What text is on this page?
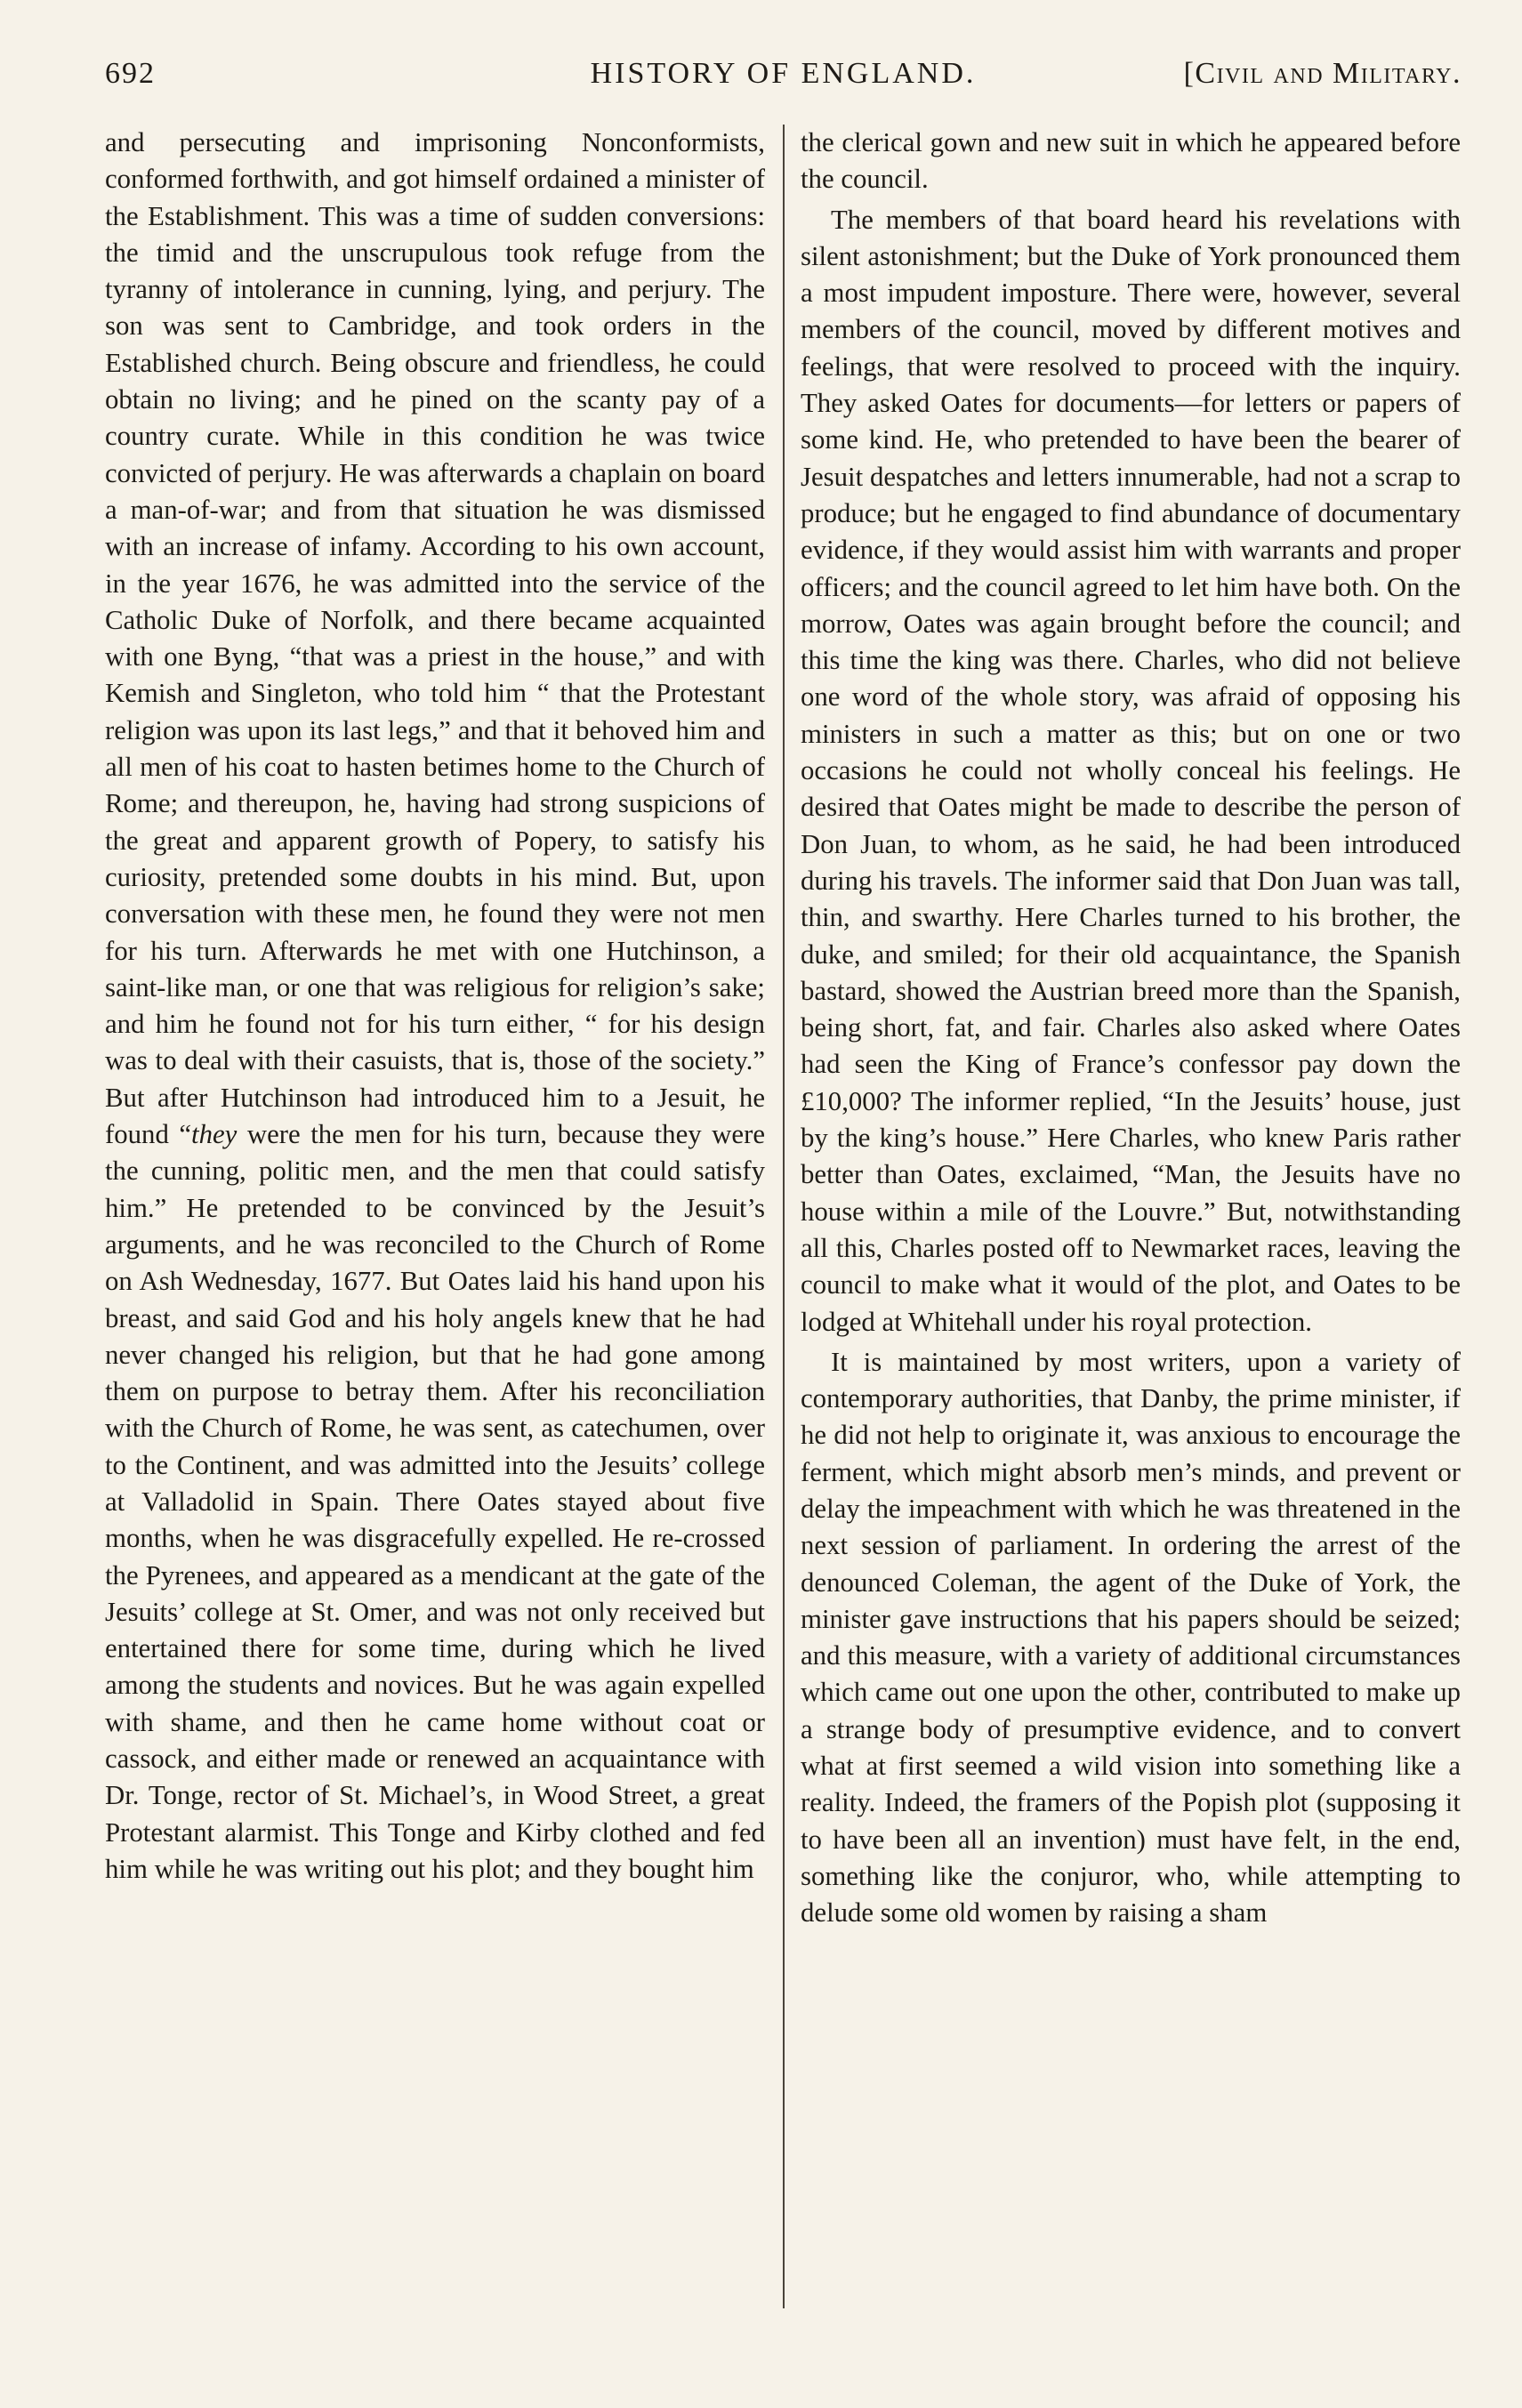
692	HISTORY OF ENGLAND.	[Civil and Military.

and persecuting and imprisoning Nonconformists, conformed forthwith, and got himself ordained a minister of the Establishment. This was a time of sudden conversions: the timid and the unscrupulous took refuge from the tyranny of intolerance in cunning, lying, and perjury. The son was sent to Cambridge, and took orders in the Established church. Being obscure and friendless, he could obtain no living; and he pined on the scanty pay of a country curate. While in this condition he was twice convicted of perjury. He was afterwards a chaplain on board a man-of-war; and from that situation he was dismissed with an increase of infamy. According to his own account, in the year 1676, he was admitted into the service of the Catholic Duke of Norfolk, and there became acquainted with one Byng, “that was a priest in the house,” and with Kemish and Singleton, who told him “ that the Protestant religion was upon its last legs,” and that it behoved him and all men of his coat to hasten betimes home to the Church of Rome; and thereupon, he, having had strong suspicions of the great and apparent growth of Popery, to satisfy his curiosity, pretended some doubts in his mind. But, upon conversation with these men, he found they were not men for his turn. Afterwards he met with one Hutchinson, a saint-like man, or one that was religious for religion’s sake; and him he found not for his turn either, “ for his design was to deal with their casuists, that is, those of the society.” But after Hutchinson had introduced him to a Jesuit, he found “they were the men for his turn, because they were the cunning, politic men, and the men that could satisfy him.” He pretended to be convinced by the Jesuit’s arguments, and he was reconciled to the Church of Rome on Ash Wednesday, 1677. But Oates laid his hand upon his breast, and said God and his holy angels knew that he had never changed his religion, but that he had gone among them on purpose to betray them. After his reconciliation with the Church of Rome, he was sent, as catechumen, over to the Continent, and was admitted into the Jesuits’ college at Valladolid in Spain. There Oates stayed about five months, when he was disgracefully expelled. He re-crossed the Pyrenees, and appeared as a mendicant at the gate of the Jesuits’ college at St. Omer, and was not only received but entertained there for some time, during which he lived among the students and novices. But he was again expelled with shame, and then he came home without coat or cassock, and either made or renewed an acquaintance with Dr. Tonge, rector of St. Michael’s, in Wood Street, a great Protestant alarmist. This Tonge and Kirby clothed and fed him while he was writing out his plot; and they bought him

the clerical gown and new suit in which he appeared before the council.

The members of that board heard his revelations with silent astonishment; but the Duke of York pronounced them a most impudent imposture. There were, however, several members of the council, moved by different motives and feelings, that were resolved to proceed with the inquiry. They asked Oates for documents—for letters or papers of some kind. He, who pretended to have been the bearer of Jesuit despatches and letters innumerable, had not a scrap to produce; but he engaged to find abundance of documentary evidence, if they would assist him with warrants and proper officers; and the council agreed to let him have both. On the morrow, Oates was again brought before the council; and this time the king was there. Charles, who did not believe one word of the whole story, was afraid of opposing his ministers in such a matter as this; but on one or two occasions he could not wholly conceal his feelings. He desired that Oates might be made to describe the person of Don Juan, to whom, as he said, he had been introduced during his travels. The informer said that Don Juan was tall, thin, and swarthy. Here Charles turned to his brother, the duke, and smiled; for their old acquaintance, the Spanish bastard, showed the Austrian breed more than the Spanish, being short, fat, and fair. Charles also asked where Oates had seen the King of France’s confessor pay down the £10,000? The informer replied, “In the Jesuits’ house, just by the king’s house.” Here Charles, who knew Paris rather better than Oates, exclaimed, “Man, the Jesuits have no house within a mile of the Louvre.” But, notwithstanding all this, Charles posted off to Newmarket races, leaving the council to make what it would of the plot, and Oates to be lodged at Whitehall under his royal protection.

It is maintained by most writers, upon a variety of contemporary authorities, that Danby, the prime minister, if he did not help to originate it, was anxious to encourage the ferment, which might absorb men’s minds, and prevent or delay the impeachment with which he was threatened in the next session of parliament. In ordering the arrest of the denounced Coleman, the agent of the Duke of York, the minister gave instructions that his papers should be seized; and this measure, with a variety of additional circumstances which came out one upon the other, contributed to make up a strange body of presumptive evidence, and to convert what at first seemed a wild vision into something like a reality. Indeed, the framers of the Popish plot (supposing it to have been all an invention) must have felt, in the end, something like the conjuror, who, while attempting to delude some old women by raising a sham
